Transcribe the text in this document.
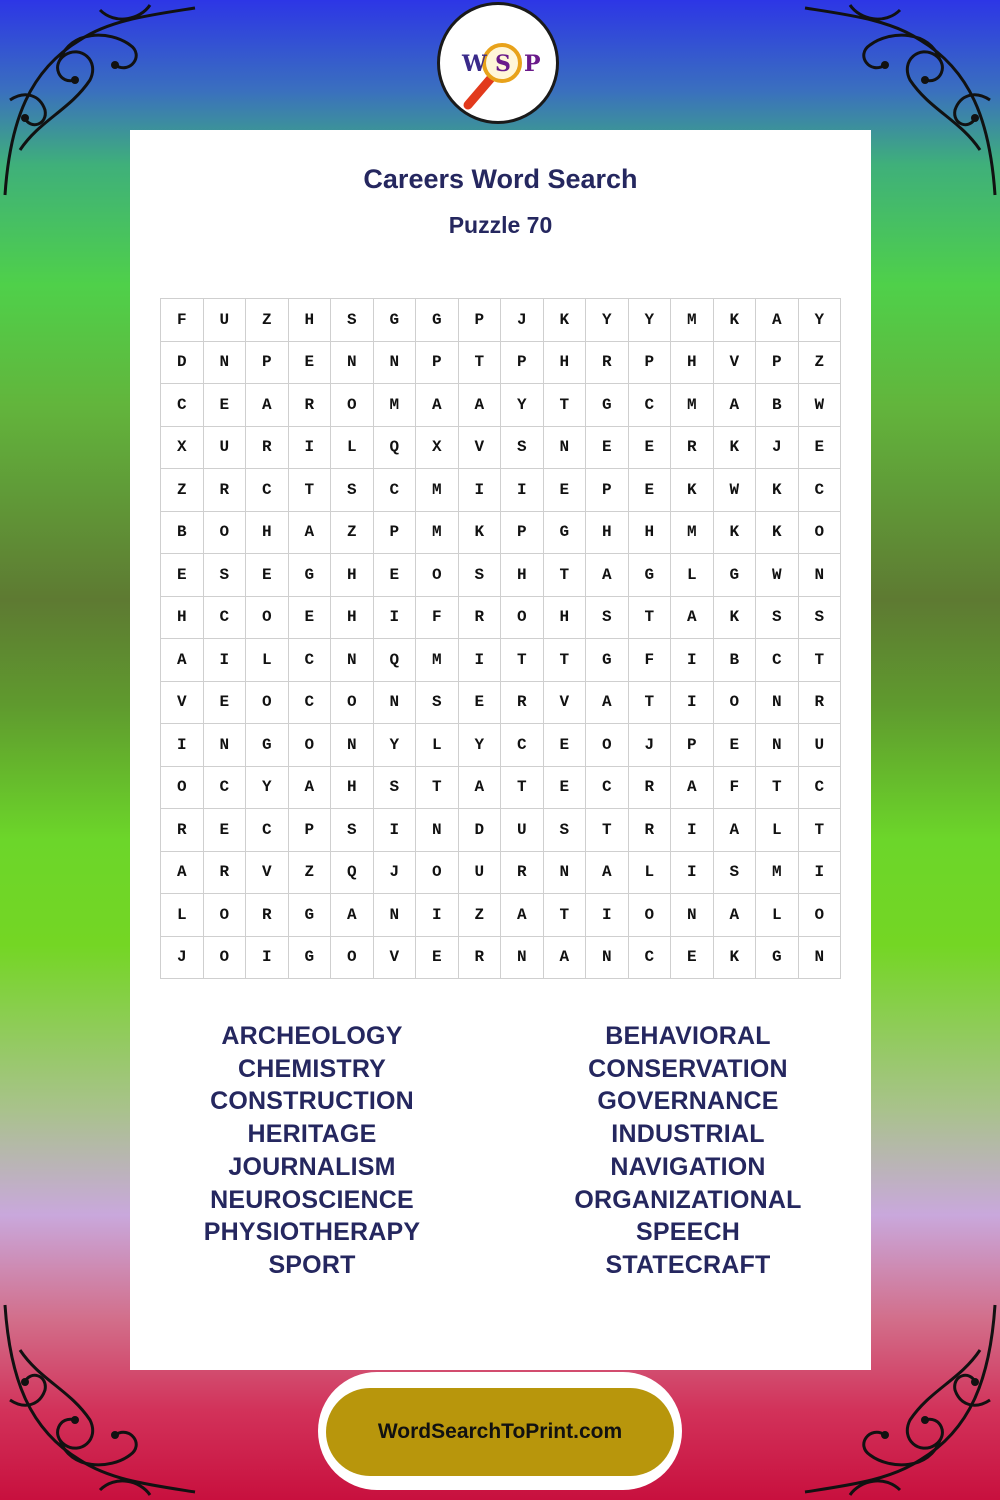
W S P
Careers Word Search
Puzzle 70
F	U	Z	H	S	G	G	P	J	K	Y	Y	M	K	A	Y
D	N	P	E	N	N	P	T	P	H	R	P	H	V	P	Z
C	E	A	R	O	M	A	A	Y	T	G	C	M	A	B	W
X	U	R	I	L	Q	X	V	S	N	E	E	R	K	J	E
Z	R	C	T	S	C	M	I	I	E	P	E	K	W	K	C
B	O	H	A	Z	P	M	K	P	G	H	H	M	K	K	O
E	S	E	G	H	E	O	S	H	T	A	G	L	G	W	N
H	C	O	E	H	I	F	R	O	H	S	T	A	K	S	S
A	I	L	C	N	Q	M	I	T	T	G	F	I	B	C	T
V	E	O	C	O	N	S	E	R	V	A	T	I	O	N	R
I	N	G	O	N	Y	L	Y	C	E	O	J	P	E	N	U
O	C	Y	A	H	S	T	A	T	E	C	R	A	F	T	C
R	E	C	P	S	I	N	D	U	S	T	R	I	A	L	T
A	R	V	Z	Q	J	O	U	R	N	A	L	I	S	M	I
L	O	R	G	A	N	I	Z	A	T	I	O	N	A	L	O
J	O	I	G	O	V	E	R	N	A	N	C	E	K	G	N
ARCHEOLOGY
CHEMISTRY
CONSTRUCTION
HERITAGE
JOURNALISM
NEUROSCIENCE
PHYSIOTHERAPY
SPORT
BEHAVIORAL
CONSERVATION
GOVERNANCE
INDUSTRIAL
NAVIGATION
ORGANIZATIONAL
SPEECH
STATECRAFT
WordSearchToPrint.com
